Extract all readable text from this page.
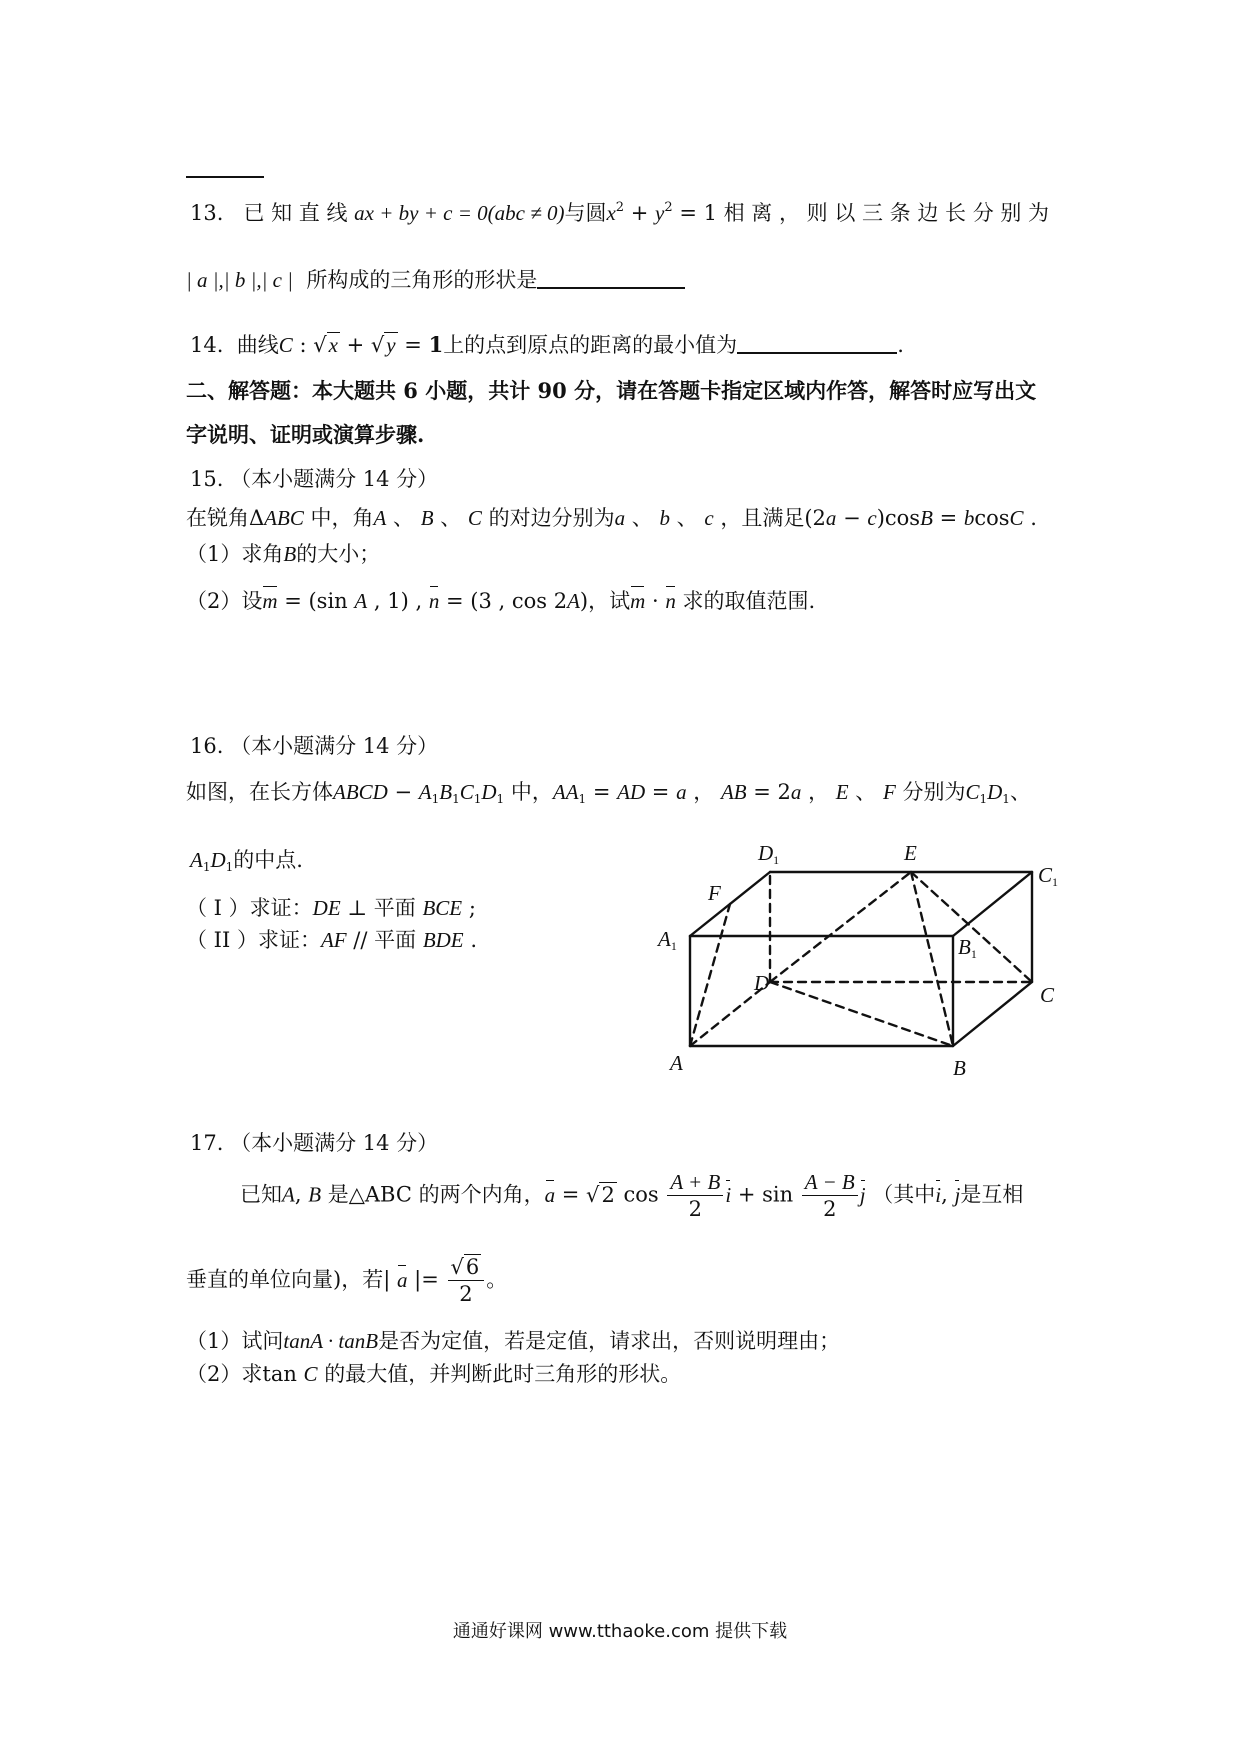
13. 已 知 直 线 ax + by + c = 0(abc ≠ 0)与圆$x^2 + y^2 = 1$ 相 离 ， 则 以 三 条 边 长 分 别 为
| a |,| b |,| c | 所构成的三角形的形状是
14. 曲线C : √x + √y = 1上的点到原点的距离的最小值为	.
二、解答题：本大题共 6 小题，共计 90 分，请在答题卡指定区域内作答，解答时应写出文
字说明、证明或演算步骤.
15. （本小题满分 14 分）
在锐角ΔABC 中，角A 、 B 、 C 的对边分别为a 、 b 、 c ，且满足(2a − c)cosB = bcosC .
（1）求角B的大小；
（2）设m = (sin A , 1) , n = (3 , cos 2A)，试m · n 求的取值范围.
16. （本小题满分 14 分）
如图，在长方体ABCD − $A_1B_1C_1D_1$ 中，$AA_1$ = AD = a ， AB = 2a ， E 、 F 分别为$C_1D_1$、
$A_1D_1$的中点.
（ I ）求证：DE ⊥ 平面 BCE ;
（ II ）求证：AF // 平面 BDE .
D1	E
F
C1
A1	B1
D	C
A	B
17. （本小题满分 14 分）
已知A, B 是△ABC 的两个内角，a = √2 $\cos \frac{A + B}{2}$ $i + \sin \frac{A - B}{2}$ j （其中i, j是互相
垂直的单位向量)，若| a |= $\frac{√6}{2}$ 。
（1）试问tanA · tanB是否为定值，若是定值，请求出，否则说明理由；
（2）求tan C 的最大值，并判断此时三角形的形状。
通通好课网 www.tthaoke.com 提供下载
